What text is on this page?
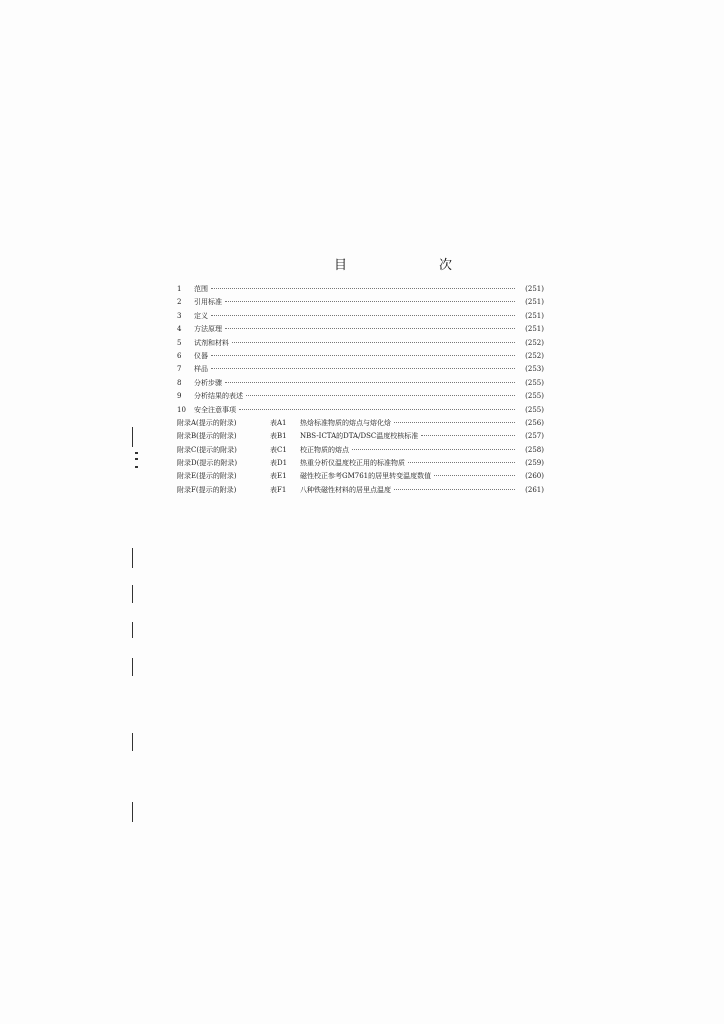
目　　次
1	范围	(251)
2	引用标准	(251)
3	定义	(251)
4	方法原理	(251)
5	试剂和材料	(252)
6	仪器	(252)
7	样品	(253)
8	分析步骤	(255)
9	分析结果的表述	(255)
10	安全注意事项	(255)
附录A(提示的附录)	表A1	热焓标准物质的熔点与熔化焓	(256)
附录B(提示的附录)	表B1	NBS-ICTA的DTA/DSC温度校核标准	(257)
附录C(提示的附录)	表C1	校正物质的熔点	(258)
附录D(提示的附录)	表D1	热重分析仪温度校正用的标准物质	(259)
附录E(提示的附录)	表E1	磁性校正参考GM761的居里转变温度数值	(260)
附录F(提示的附录)	表F1	八种铁磁性材料的居里点温度	(261)
